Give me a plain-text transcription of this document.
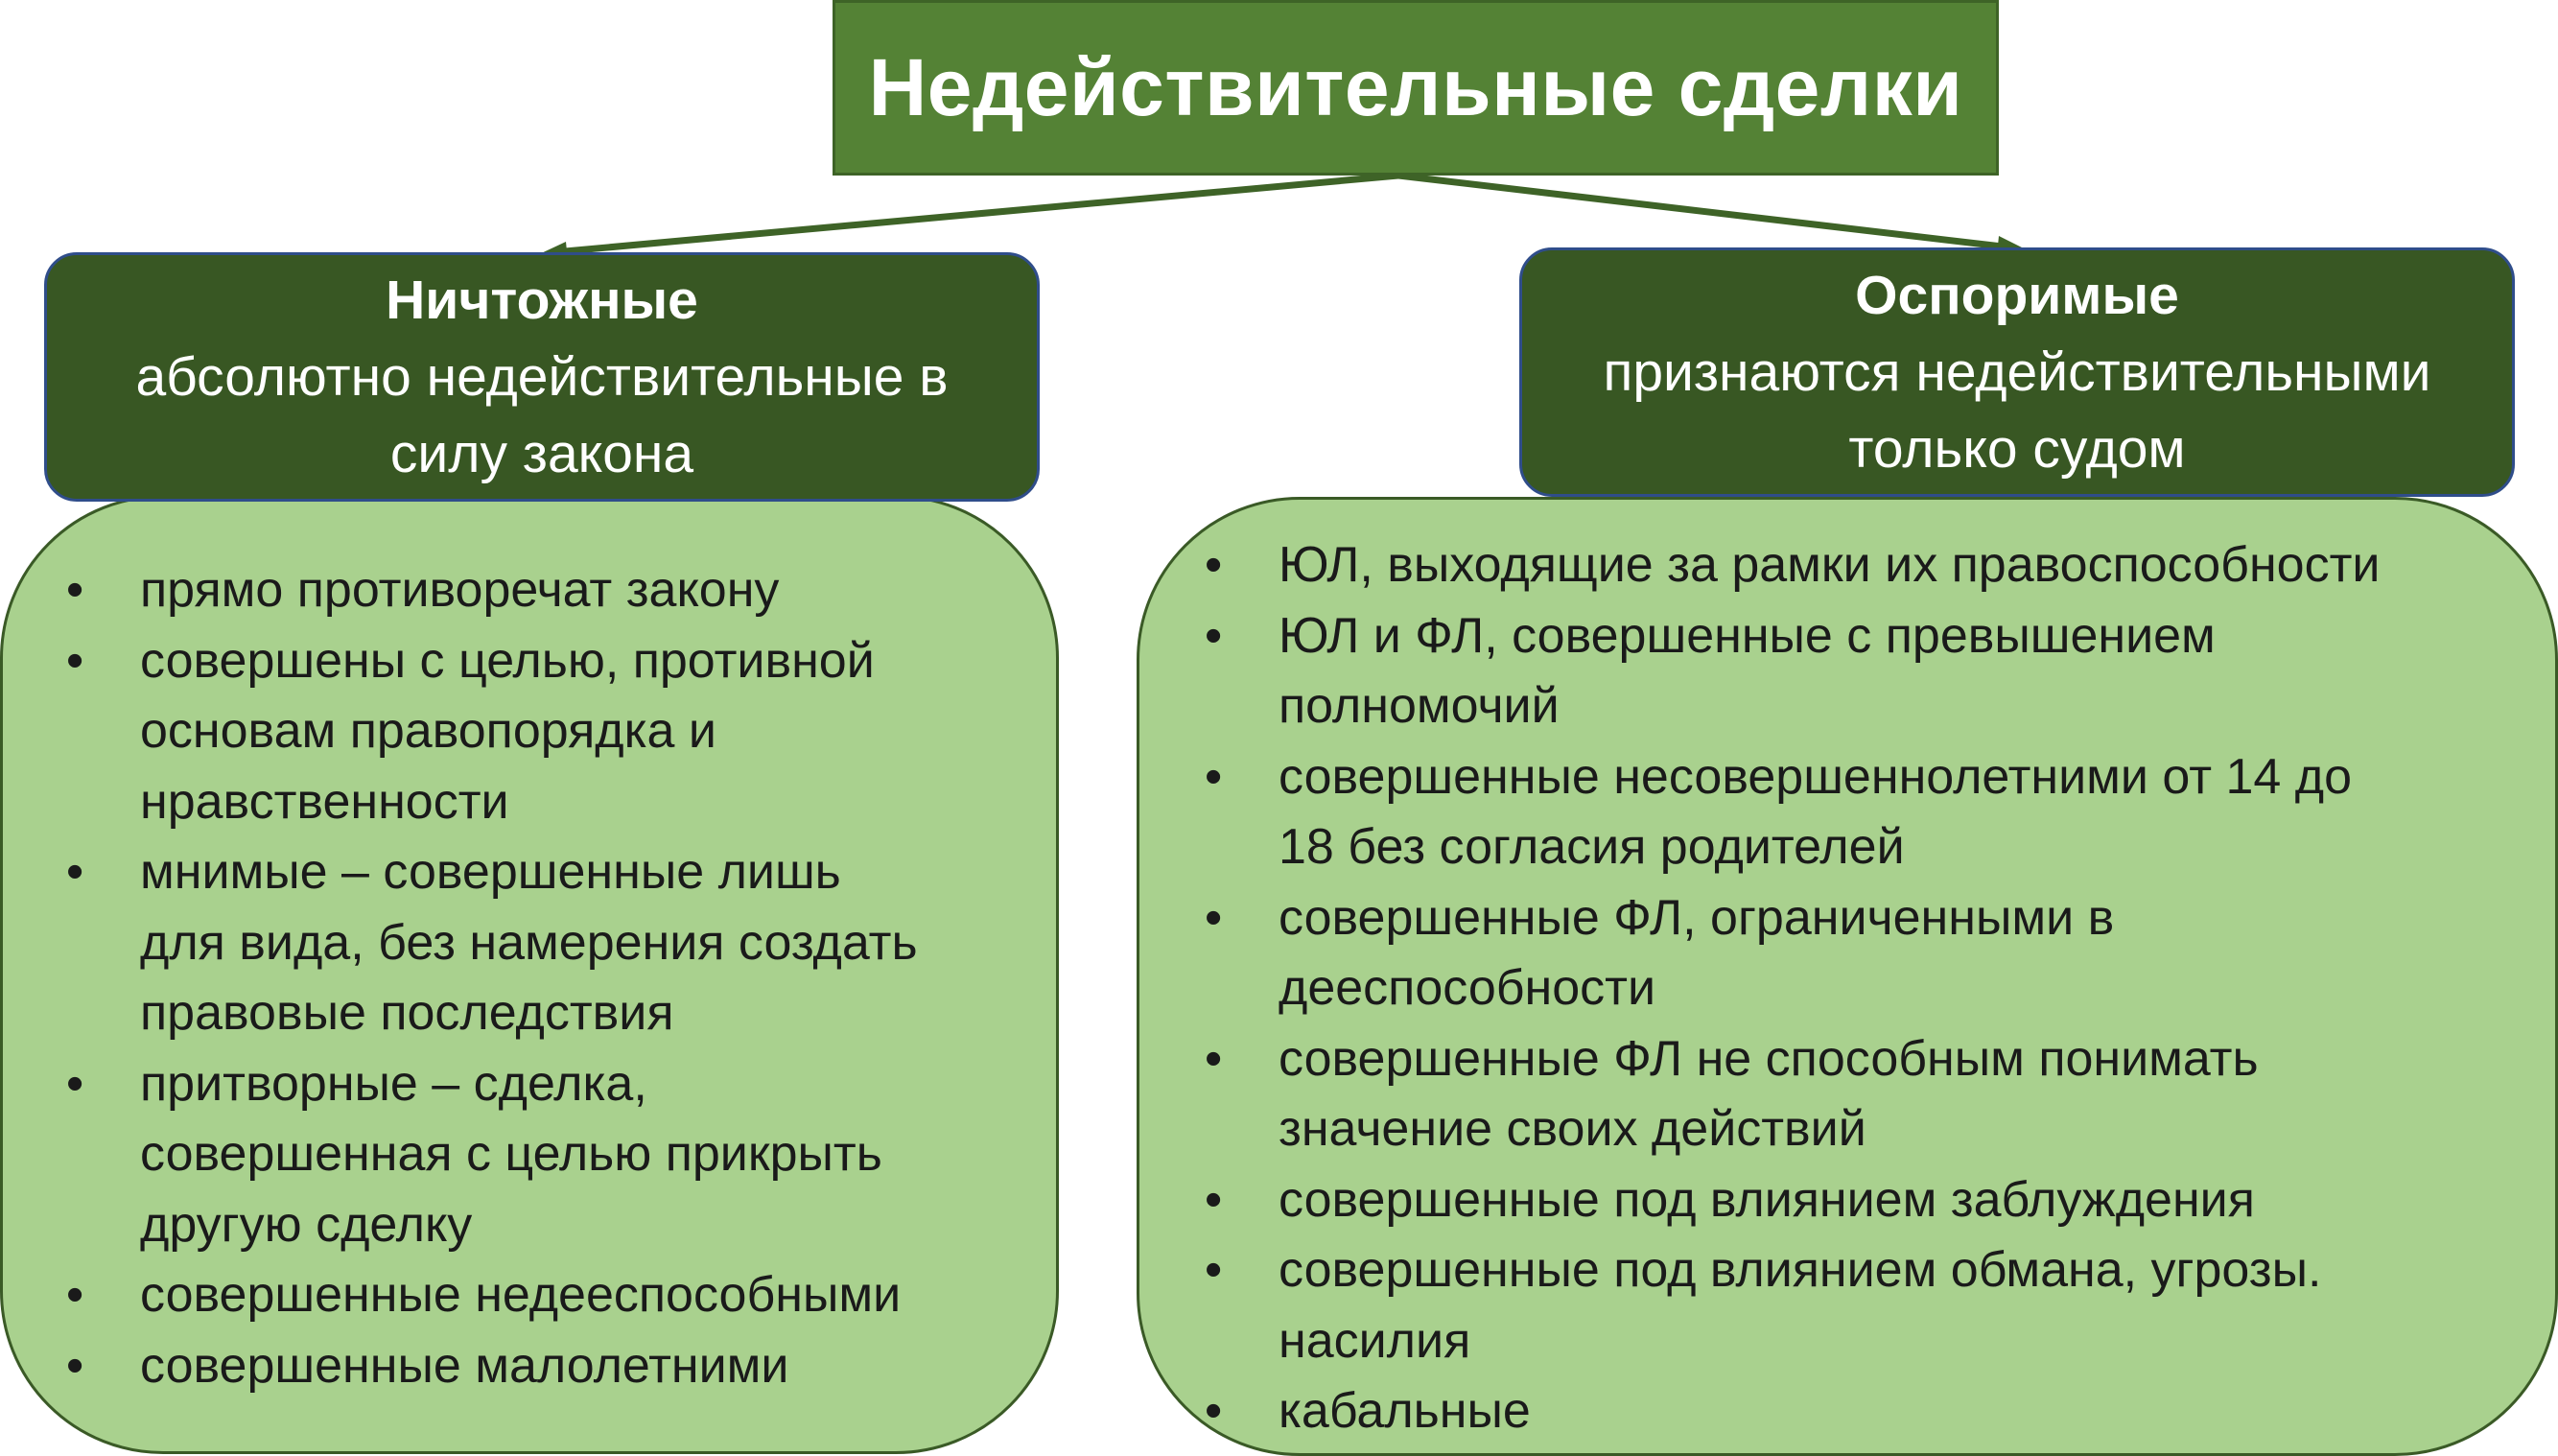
Недействительные сделки
Ничтожные
абсолютно недействительные в
силу закона
Оспоримые
признаются недействительными
только судом
• прямо противоречат закону
• совершены с целью, противной
основам правопорядка и
нравственности
• мнимые – совершенные лишь
для вида, без намерения создать
правовые последствия
• притворные – сделка,
совершенная с целью прикрыть
другую сделку
• совершенные недееспособными
• совершенные малолетними
• ЮЛ, выходящие за рамки их правоспособности
• ЮЛ и ФЛ, совершенные с превышением
полномочий
• совершенные несовершеннолетними от 14 до
18 без согласия родителей
• совершенные ФЛ, ограниченными в
дееспособности
• совершенные ФЛ не способным понимать
значение своих действий
• совершенные под влиянием заблуждения
• совершенные под влиянием обмана, угрозы.
насилия
• кабальные
